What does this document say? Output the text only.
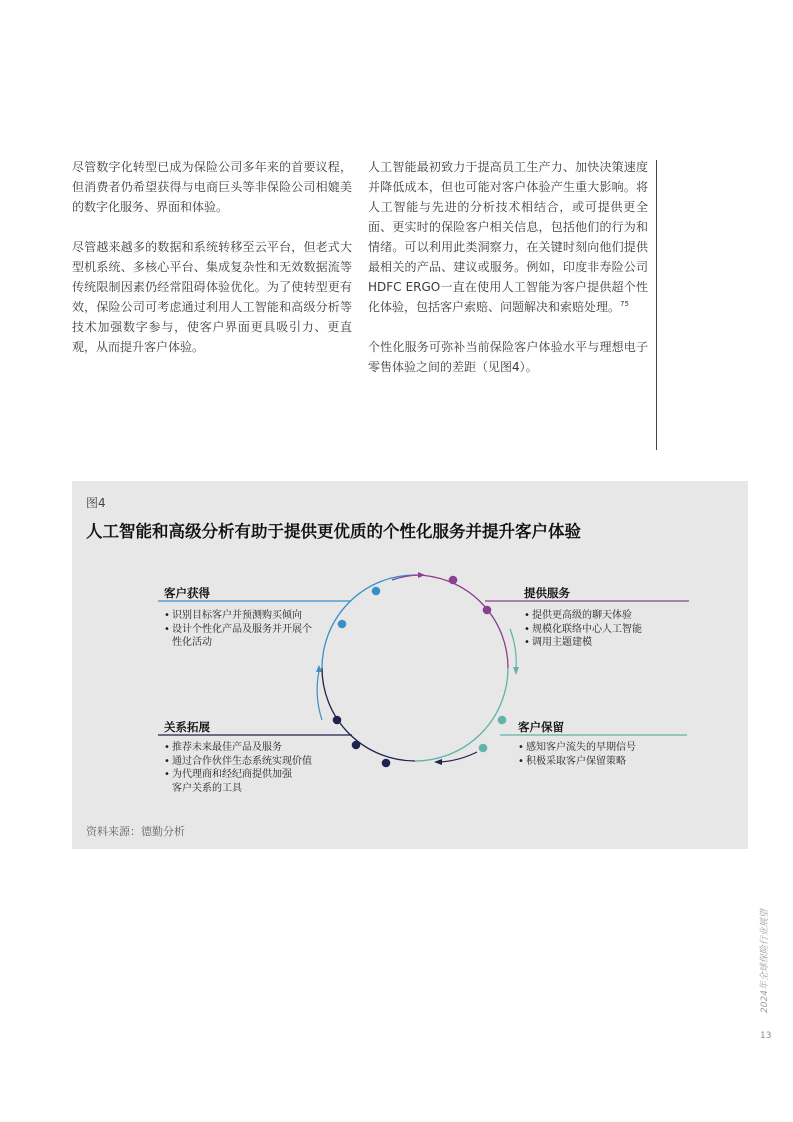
尽管数字化转型已成为保险公司多年来的首要议程，但消费者仍希望获得与电商巨头等非保险公司相媲美的数字化服务、界面和体验。

尽管越来越多的数据和系统转移至云平台，但老式大型机系统、多核心平台、集成复杂性和无效数据流等传统限制因素仍经常阻碍体验优化。为了使转型更有效，保险公司可考虑通过利用人工智能和高级分析等技术加强数字参与，使客户界面更具吸引力、更直观，从而提升客户体验。

人工智能最初致力于提高员工生产力、加快决策速度并降低成本，但也可能对客户体验产生重大影响。将人工智能与先进的分析技术相结合，或可提供更全面、更实时的保险客户相关信息，包括他们的行为和情绪。可以利用此类洞察力，在关键时刻向他们提供最相关的产品、建议或服务。例如，印度非寿险公司HDFC ERGO一直在使用人工智能为客户提供超个性化体验，包括客户索赔、问题解决和索赔处理。$^{75}$

个性化服务可弥补当前保险客户体验水平与理想电子零售体验之间的差距（见图4）。

图4
人工智能和高级分析有助于提供更优质的个性化服务并提升客户体验
客户获得
• 识别目标客户并预测购买倾向
• 设计个性化产品及服务并开展个性化活动
提供服务
• 提供更高级的聊天体验
• 规模化联络中心人工智能
• 调用主题建模
客户保留
• 感知客户流失的早期信号
• 积极采取客户保留策略
关系拓展
• 推荐未来最佳产品及服务
• 通过合作伙伴生态系统实现价值
• 为代理商和经纪商提供加强客户关系的工具
资料来源：德勤分析
2024年全球保险行业展望
13
